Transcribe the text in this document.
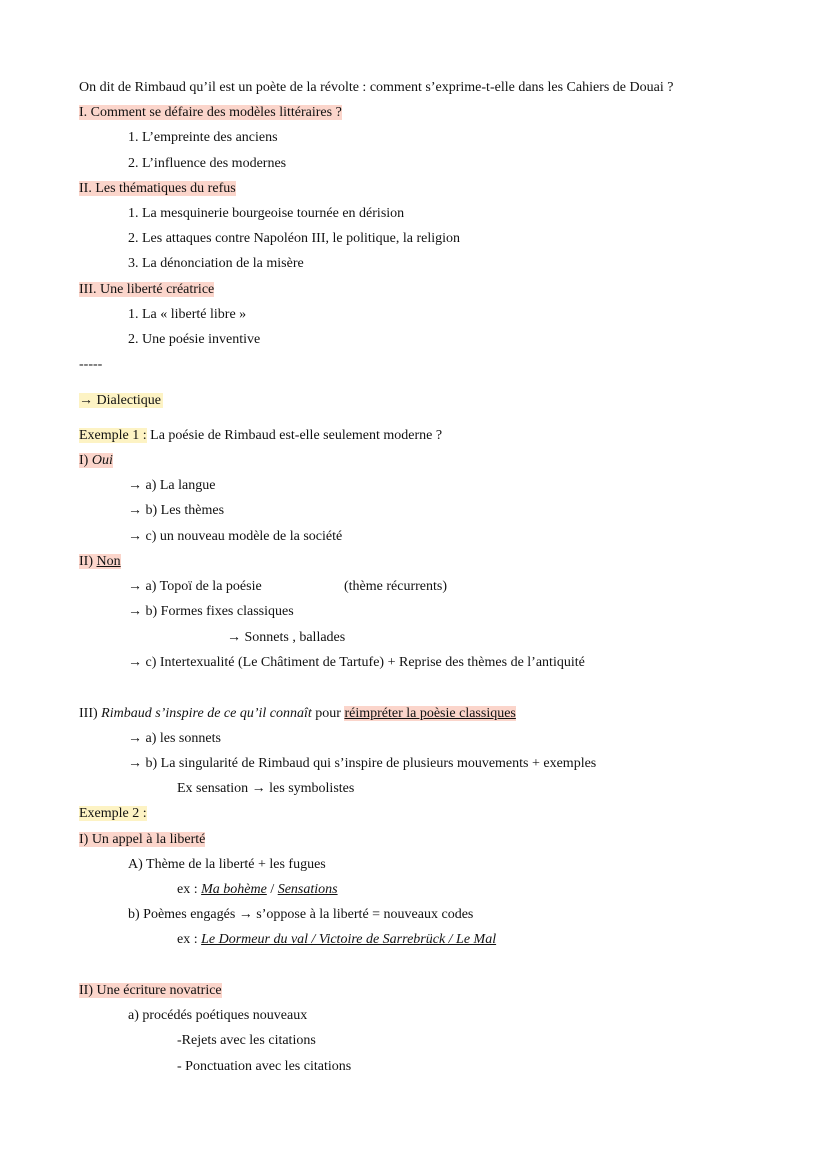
On dit de Rimbaud qu’il est un poète de la révolte : comment s’exprime-t-elle dans les Cahiers de Douai ?
I. Comment se défaire des modèles littéraires ?
1. L’empreinte des anciens
2. L’influence des modernes
II. Les thématiques du refus
1. La mesquinerie bourgeoise tournée en dérision
2. Les attaques contre Napoléon III, le politique, la religion
3. La dénonciation de la misère
III. Une liberté créatrice
1. La « liberté libre »
2. Une poésie inventive
-----
→ Dialectique
Exemple 1 : La poésie de Rimbaud est-elle seulement moderne ?
I) Oui
→ a) La langue
→ b) Les thèmes
→ c) un nouveau modèle de la société
II) Non
→ a) Topoï de la poésie	(thème récurrents)
→ b) Formes fixes classiques
→ Sonnets , ballades
→ c) Intertexualité (Le Châtiment de Tartufe) + Reprise des thèmes de l’antiquité
III) Rimbaud s’inspire de ce qu’il connaît pour réimpréter la poèsie classiques
→ a) les sonnets
→ b) La singularité de Rimbaud qui s’inspire de plusieurs mouvements + exemples
Ex sensation → les symbolistes
Exemple 2 :
I) Un appel à la liberté
A) Thème de la liberté + les fugues
ex : Ma bohème / Sensations
b) Poèmes engagés → s’oppose à la liberté = nouveaux codes
ex : Le Dormeur du val / Victoire de Sarrebrück / Le Mal
II) Une écriture novatrice
a) procédés poétiques nouveaux
-Rejets avec les citations
- Ponctuation avec les citations
